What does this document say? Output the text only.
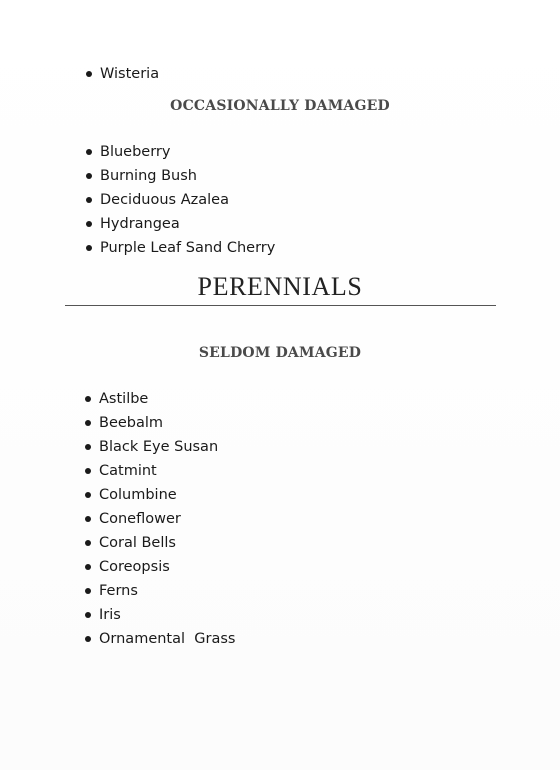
Wisteria
OCCASIONALLY DAMAGED
Blueberry
Burning Bush
Deciduous Azalea
Hydrangea
Purple Leaf Sand Cherry
PERENNIALS
SELDOM DAMAGED
Astilbe
Beebalm
Black Eye Susan
Catmint
Columbine
Coneflower
Coral Bells
Coreopsis
Ferns
Iris
Ornamental  Grass
